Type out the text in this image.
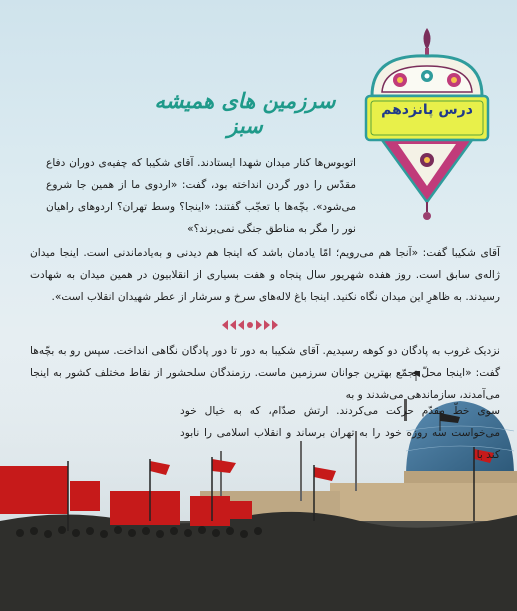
درس پانزدهم
سرزمین های همیشه سبز

اتوبوس‌ها کنار میدان شهدا ایستادند. آقای شکیبا که چفیه‌ی دوران دفاع مقدّس را دور گردن انداخته بود، گفت: «اردوی ما از همین جا شروع می‌شود». بچّه‌ها با تعجّب گفتند: «اینجا؟ وسط تهران؟ اردوهای راهیان نور را مگر به مناطق جنگی نمی‌برند؟»

آقای شکیبا گفت: «آنجا هم می‌رویم؛ امّا یادمان باشد که اینجا هم دیدنی و به‌یادماندنی است. اینجا میدان ژاله‌ی سابق است. روز هفده شهریور سال پنجاه و هفت بسیاری از انقلابیون در همین میدان به شهادت رسیدند. به ظاهرِ این میدان نگاه نکنید. اینجا باغ لاله‌های سرخ و سرشار از عطر شهیدان انقلاب است».

نزدیک غروب به پادگان دو کوهه رسیدیم. آقای شکیبا به دور تا دور پادگان نگاهی انداخت. سپس رو به بچّه‌ها گفت: «اینجا محلّ تجمّع بهترین جوانان سرزمین ماست. رزمندگان سلحشور از نقاط مختلف کشور به اینجا می‌آمدند، سازماندهی می‌شدند و به

سوی خطّ مقدّم حرکت می‌کردند. ارتش صدّام، که به خیال خود می‌خواست سه روزه خود را به تهران برساند و انقلاب اسلامی را نابود کند با
